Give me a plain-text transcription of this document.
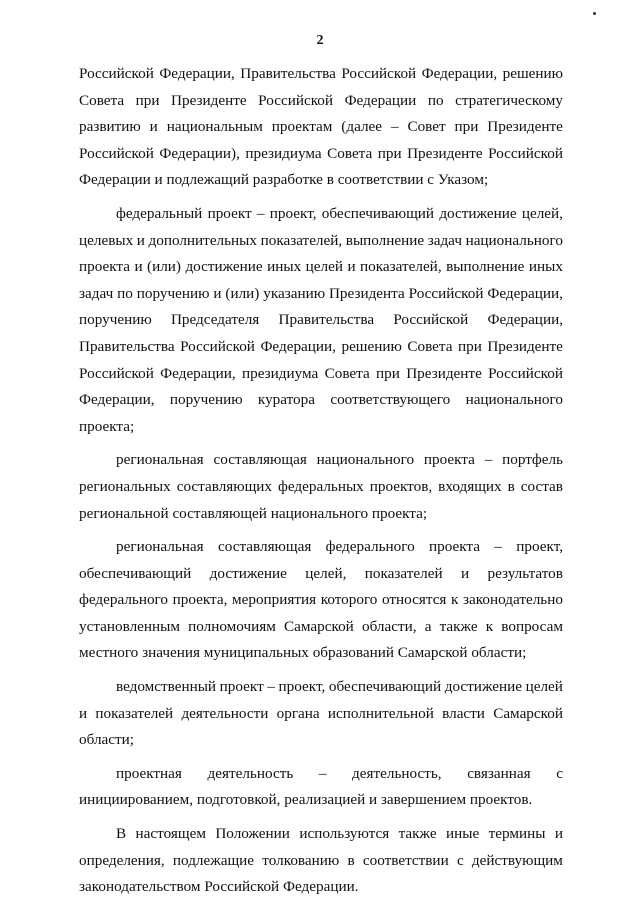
2
Российской Федерации, Правительства Российской Федерации, решению
Совета при Президенте Российской Федерации по стратегическому
развитию и национальным проектам (далее – Совет при Президенте
Российской Федерации), президиума Совета при Президенте Российской
Федерации и подлежащий разработке в соответствии с Указом;
федеральный проект – проект, обеспечивающий достижение целей,
целевых и дополнительных показателей, выполнение задач национального
проекта и (или) достижение иных целей и показателей, выполнение иных
задач по поручению и (или) указанию Президента Российской Федерации,
поручению Председателя Правительства Российской Федерации,
Правительства Российской Федерации, решению Совета при Президенте
Российской Федерации, президиума Совета при Президенте Российской
Федерации, поручению куратора соответствующего национального
проекта;
региональная составляющая национального проекта – портфель
региональных составляющих федеральных проектов, входящих в состав
региональной составляющей национального проекта;
региональная составляющая федерального проекта – проект,
обеспечивающий достижение целей, показателей и результатов
федерального проекта, мероприятия которого относятся к законодательно
установленным полномочиям Самарской области, а также к вопросам
местного значения муниципальных образований Самарской области;
ведомственный проект – проект, обеспечивающий достижение целей
и показателей деятельности органа исполнительной власти Самарской
области;
проектная деятельность – деятельность, связанная с
инициированием, подготовкой, реализацией и завершением проектов.
В настоящем Положении используются также иные термины и
определения, подлежащие толкованию в соответствии с действующим
законодательством Российской Федерации.
